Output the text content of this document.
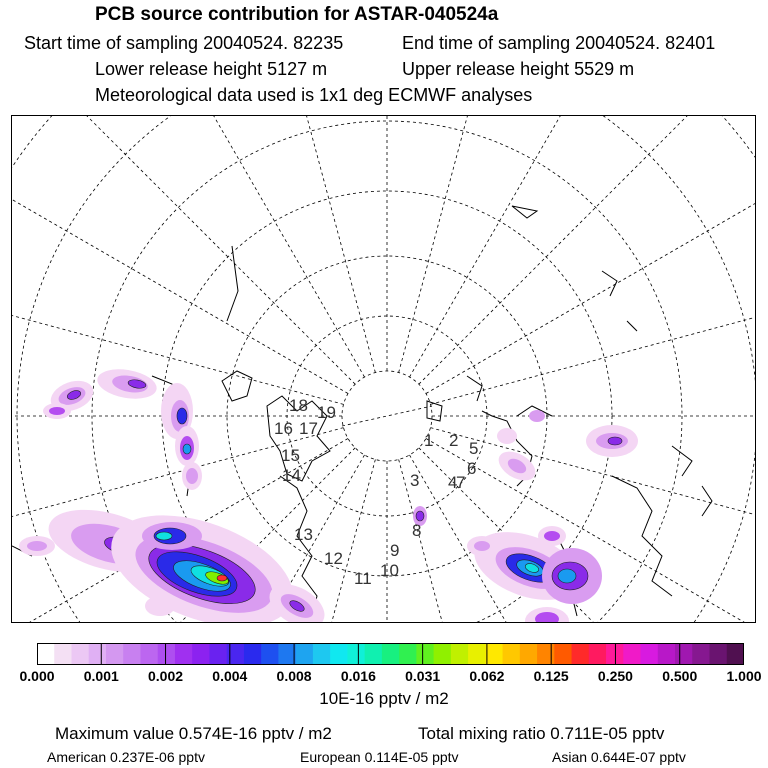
PCB source contribution for ASTAR-040524a
Start time of sampling 20040524. 82235	End time of sampling 20040524. 82401
Lower release height 5127 m	Upper release height 5529 m
Meteorological data used is 1x1 deg ECMWF analyses
1 2
3 4
5
6
7
8
9
10
11
12
13
14
15
16 17
18 19
0.000 0.001 0.002 0.004 0.008 0.016 0.031 0.062 0.125 0.250 0.500 1.000
10E-16 pptv / m2
Maximum value 0.574E-16 pptv / m2	Total mixing ratio 0.711E-05 pptv
American 0.237E-06 pptv	European 0.114E-05 pptv	Asian 0.644E-07 pptv
